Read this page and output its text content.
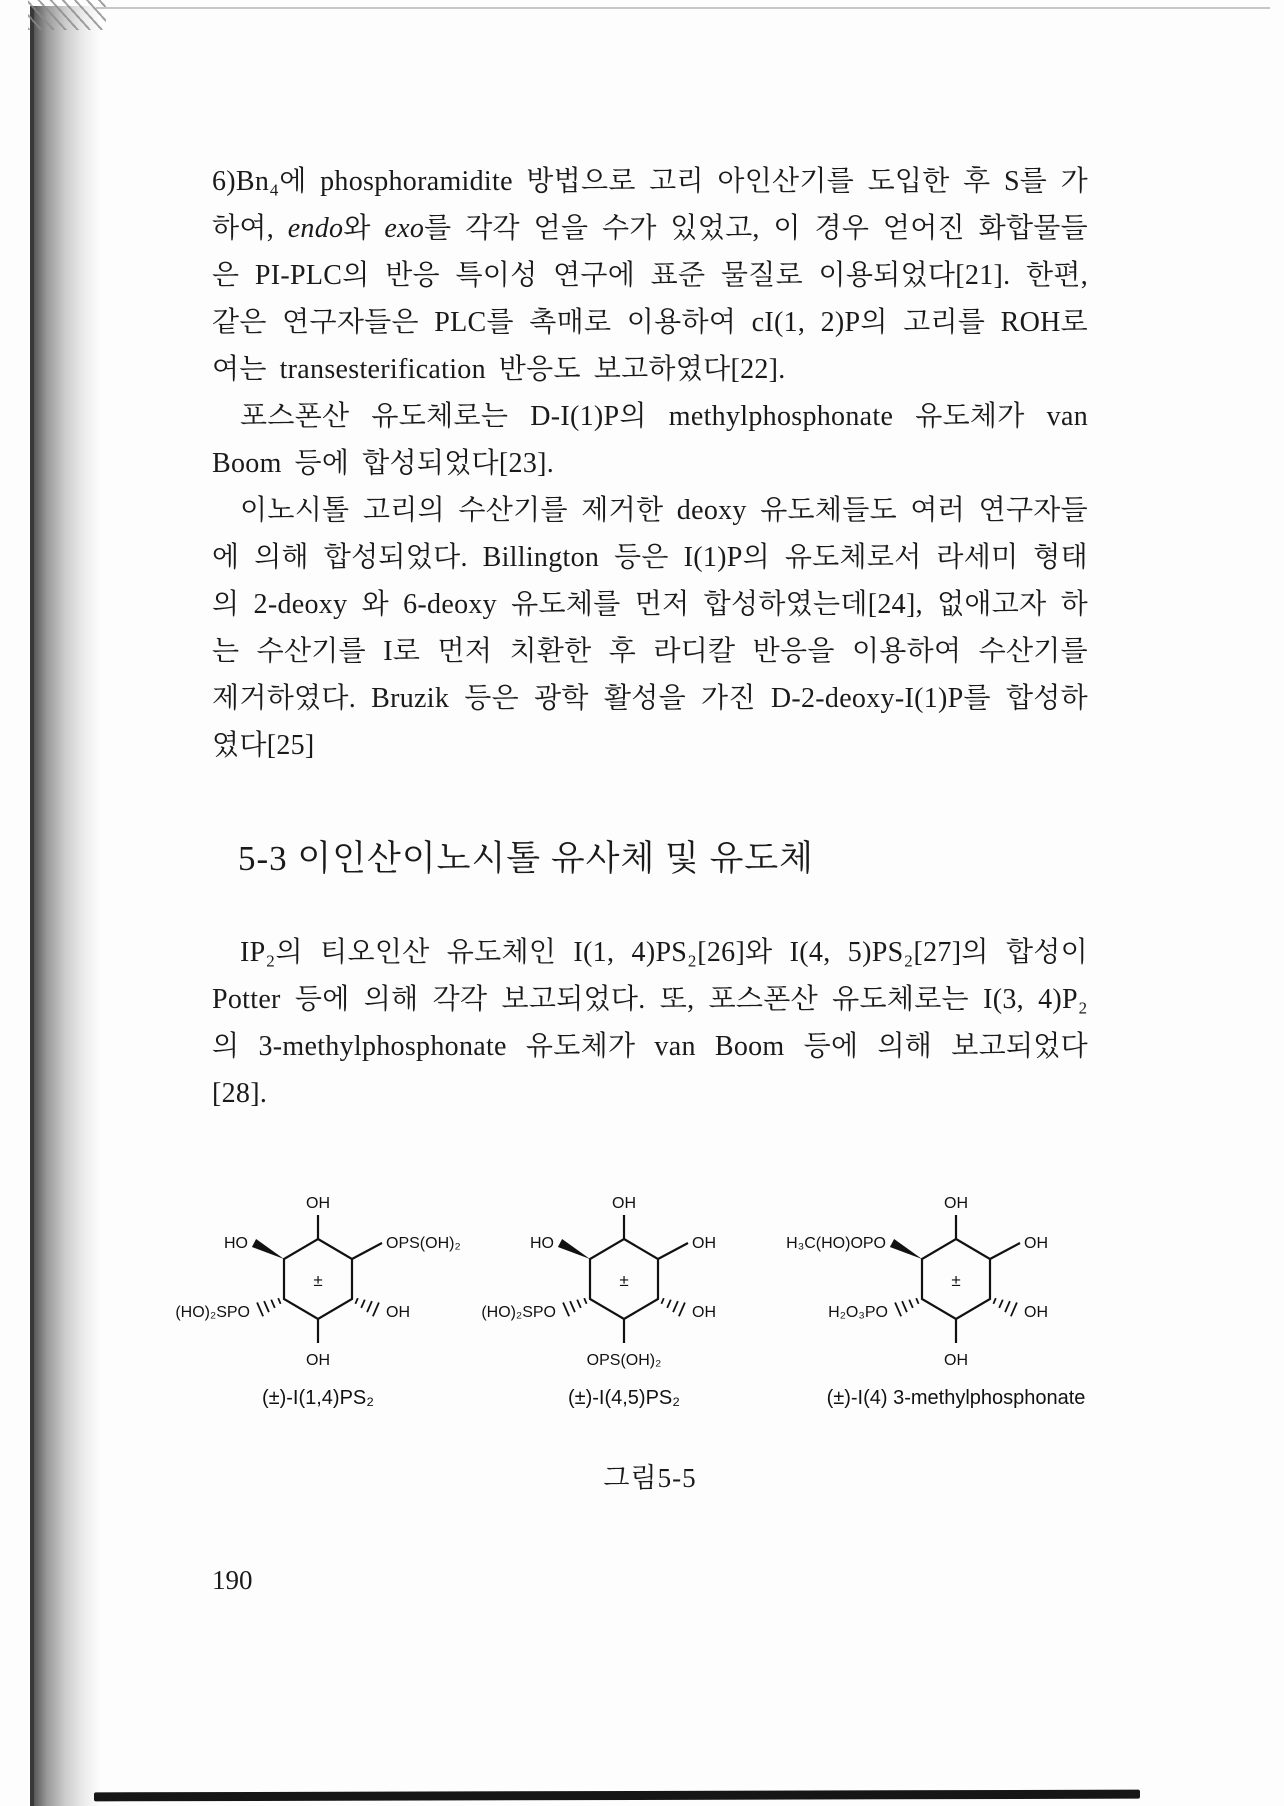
6)Bn₄에 phosphoramidite 방법으로 고리 아인산기를 도입한 후 S를 가하여, endo와 exo를 각각 얻을 수가 있었고, 이 경우 얻어진 화합물들은 PI-PLC의 반응 특이성 연구에 표준 물질로 이용되었다[21]. 한편, 같은 연구자들은 PLC를 촉매로 이용하여 cI(1, 2)P의 고리를 ROH로 여는 transesterification 반응도 보고하였다[22].

포스폰산 유도체로는 D-I(1)P의 methylphosphonate 유도체가 van Boom 등에 합성되었다[23].

이노시톨 고리의 수산기를 제거한 deoxy 유도체들도 여러 연구자들에 의해 합성되었다. Billington 등은 I(1)P의 유도체로서 라세미 형태의 2-deoxy 와 6-deoxy 유도체를 먼저 합성하였는데[24], 없애고자 하는 수산기를 I로 먼저 치환한 후 라디칼 반응을 이용하여 수산기를 제거하였다. Bruzik 등은 광학 활성을 가진 D-2-deoxy-I(1)P를 합성하였다[25]

5-3 이인산이노시톨 유사체 및 유도체

IP₂의 티오인산 유도체인 I(1, 4)PS₂[26]와 I(4, 5)PS₂[27]의 합성이 Potter 등에 의해 각각 보고되었다. 또, 포스폰산 유도체로는 I(3, 4)P₂의 3-methylphosphonate 유도체가 van Boom 등에 의해 보고되었다[28].

OH
HO	OPS(OH)₂
(HO)₂SPO	OH
OH
±
(±)-I(1,4)PS₂
OH
HO	OH
(HO)₂SPO	OH
OPS(OH)₂
±
(±)-I(4,5)PS₂
OH
H₃C(HO)OPO	OH
H₂O₃PO	OH
OH
±
(±)-I(4) 3-methylphosphonate
그림5-5
190
